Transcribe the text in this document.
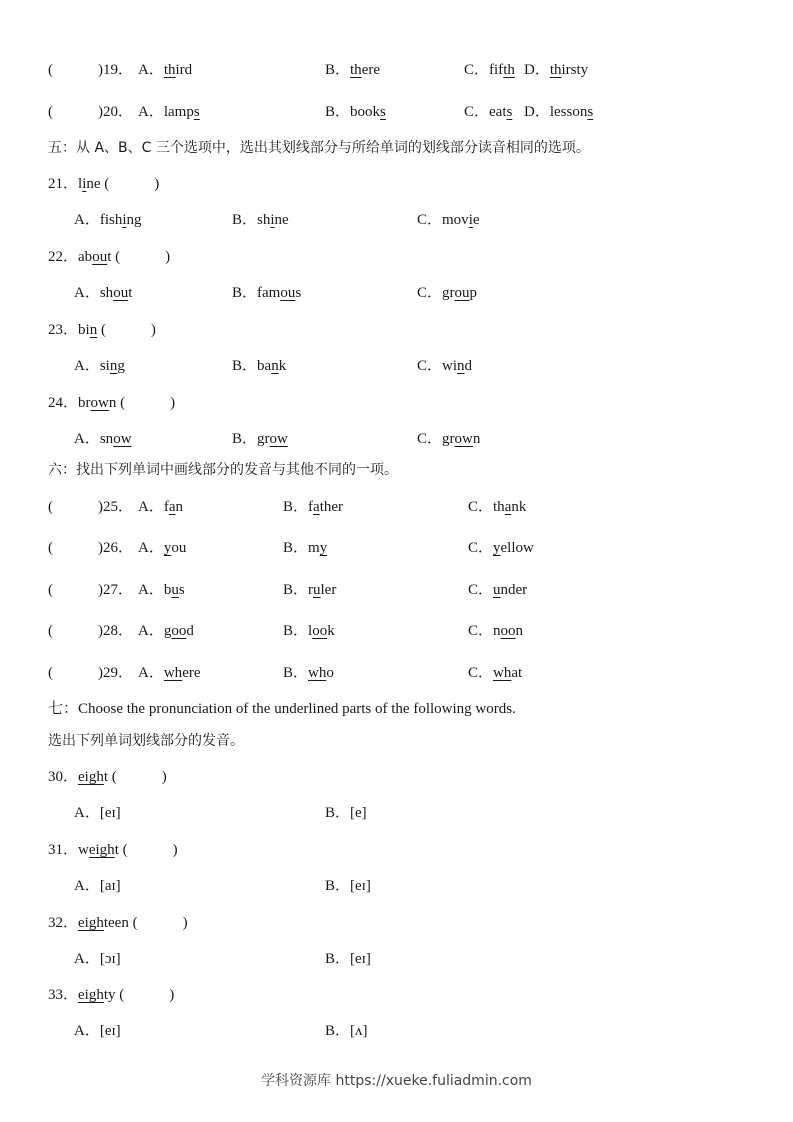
(　　　)19． A．third	B．there	C．fifth D．thirsty
(　　　)20． A．lamps	B．books	C．eats D．lessons
五：从 A、B、C 三个选项中，选出其划线部分与所给单词的划线部分读音相同的选项。
21．line (　　　)
A．fishing	B．shine	C．movie
22．about (　　　)
A．shout	B．famous	C．group
23．bin (　　　)
A．sing	B．bank	C．wind
24．brown (　　　)
A．snow	B．grow	C．grown
六：找出下列单词中画线部分的发音与其他不同的一项。
(　　　)25． A．fan	B．father	C．thank
(　　　)26． A．you	B．my	C．yellow
(　　　)27． A．bus	B．ruler	C．under
(　　　)28． A．good	B．look	C．noon
(　　　)29． A．where	B．who	C．what
七：Choose the pronunciation of the underlined parts of the following words.
选出下列单词划线部分的发音。
30．eight (　　　)
A．[eɪ]	B．[e]
31．weight (　　　)
A．[aɪ]	B．[eɪ]
32．eighteen (　　　)
A．[ɔɪ]	B．[eɪ]
33．eighty (　　　)
A．[eɪ]	B．[ʌ]
学科资源库 https://xueke.fuliadmin.com
